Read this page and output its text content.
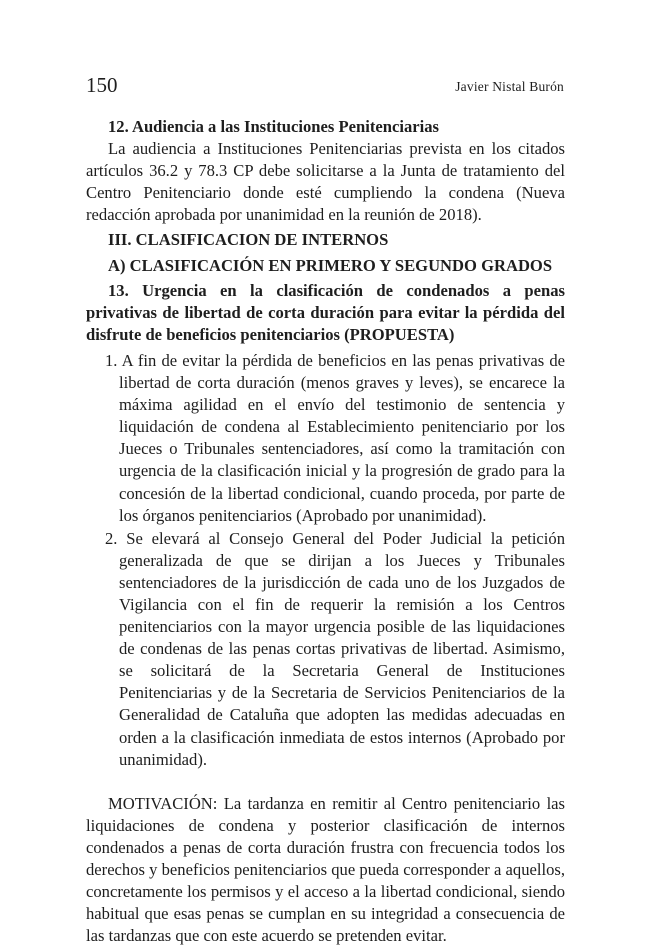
150	Javier Nistal Burón

12. Audiencia a las Instituciones Penitenciarias

La audiencia a Instituciones Penitenciarias prevista en los citados artículos 36.2 y 78.3 CP debe solicitarse a la Junta de tratamiento del Centro Penitenciario donde esté cumpliendo la condena (Nueva redacción aprobada por unanimidad en la reunión de 2018).

III. CLASIFICACION DE INTERNOS

A) CLASIFICACIÓN EN PRIMERO Y SEGUNDO GRADOS

13. Urgencia en la clasificación de condenados a penas privativas de libertad de corta duración para evitar la pérdida del disfrute de beneficios penitenciarios (PROPUESTA)

1. A fin de evitar la pérdida de beneficios en las penas privativas de libertad de corta duración (menos graves y leves), se encarece la máxima agilidad en el envío del testimonio de sentencia y liquidación de condena al Establecimiento penitenciario por los Jueces o Tribunales sentenciadores, así como la tramitación con urgencia de la clasificación inicial y la progresión de grado para la concesión de la libertad condicional, cuando proceda, por parte de los órganos penitenciarios (Aprobado por unanimidad).
2. Se elevará al Consejo General del Poder Judicial la petición generalizada de que se dirijan a los Jueces y Tribunales sentenciadores de la jurisdicción de cada uno de los Juzgados de Vigilancia con el fin de requerir la remisión a los Centros penitenciarios con la mayor urgencia posible de las liquidaciones de condenas de las penas cortas privativas de libertad. Asimismo, se solicitará de la Secretaria General de Instituciones Penitenciarias y de la Secretaria de Servicios Penitenciarios de la Generalidad de Cataluña que adopten las medidas adecuadas en orden a la clasificación inmediata de estos internos (Aprobado por unanimidad).

MOTIVACIÓN: La tardanza en remitir al Centro penitenciario las liquidaciones de condena y posterior clasificación de internos condenados a penas de corta duración frustra con frecuencia todos los derechos y beneficios penitenciarios que pueda corresponder a aquellos, concretamente los permisos y el acceso a la libertad condicional, siendo habitual que esas penas se cumplan en su integridad a consecuencia de las tardanzas que con este acuerdo se pretenden evitar.
